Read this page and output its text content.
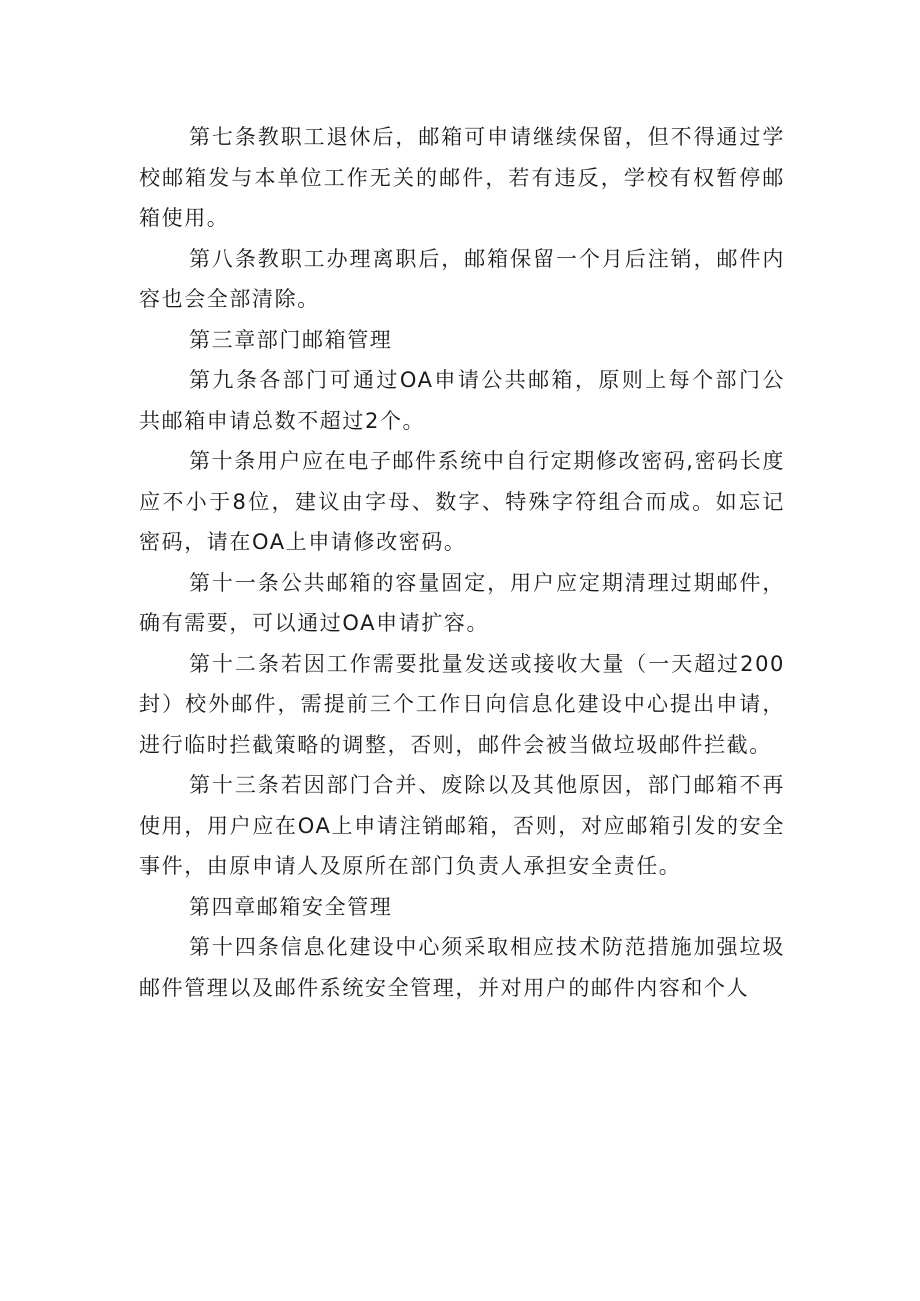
第七条教职工退休后，邮箱可申请继续保留，但不得通过学校邮箱发与本单位工作无关的邮件，若有违反，学校有权暂停邮箱使用。

第八条教职工办理离职后，邮箱保留一个月后注销，邮件内容也会全部清除。

第三章部门邮箱管理

第九条各部门可通过OA申请公共邮箱，原则上每个部门公共邮箱申请总数不超过2个。

第十条用户应在电子邮件系统中自行定期修改密码,密码长度应不小于8位，建议由字母、数字、特殊字符组合而成。如忘记密码，请在OA上申请修改密码。

第十一条公共邮箱的容量固定，用户应定期清理过期邮件，确有需要，可以通过OA申请扩容。

第十二条若因工作需要批量发送或接收大量（一天超过200封）校外邮件，需提前三个工作日向信息化建设中心提出申请，进行临时拦截策略的调整，否则，邮件会被当做垃圾邮件拦截。

第十三条若因部门合并、废除以及其他原因，部门邮箱不再使用，用户应在OA上申请注销邮箱，否则，对应邮箱引发的安全事件，由原申请人及原所在部门负责人承担安全责任。

第四章邮箱安全管理

第十四条信息化建设中心须采取相应技术防范措施加强垃圾邮件管理以及邮件系统安全管理，并对用户的邮件内容和个人
